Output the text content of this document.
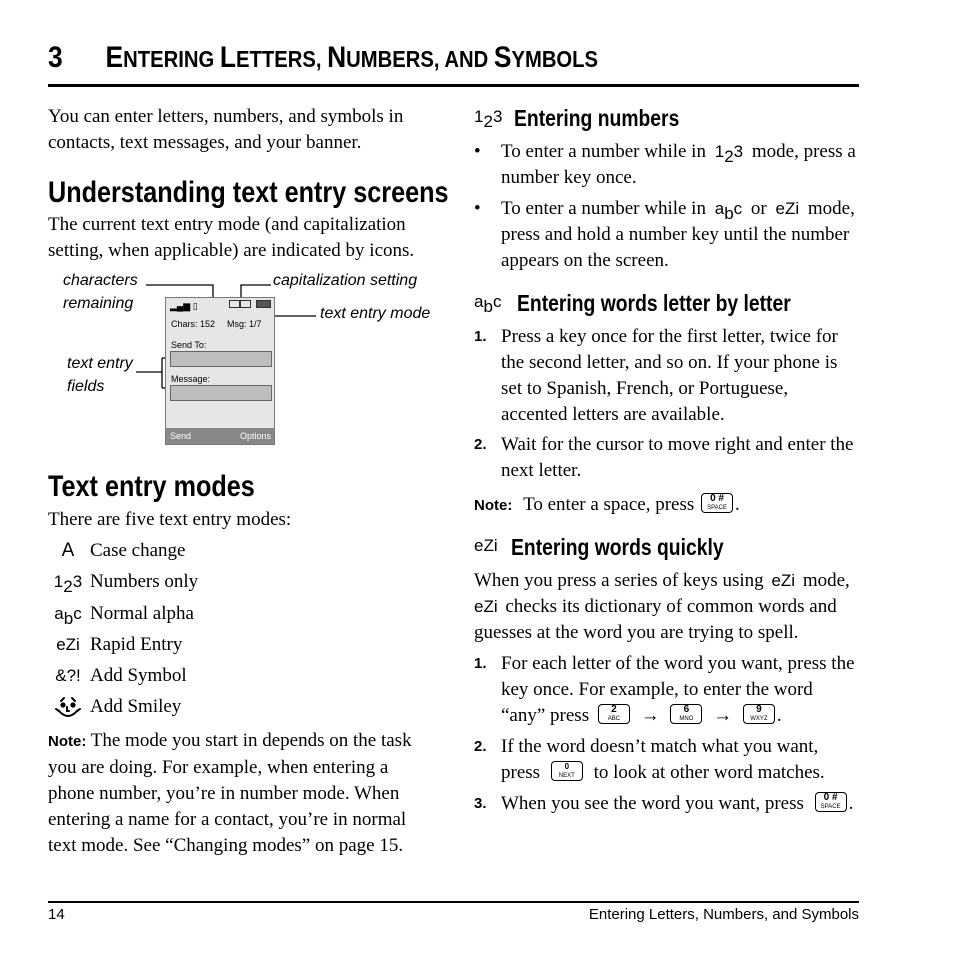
3 ENTERING LETTERS, NUMBERS, AND SYMBOLS
You can enter letters, numbers, and symbols in contacts, text messages, and your banner.
Understanding text entry screens
The current text entry mode (and capitalization setting, when applicable) are indicated by icons.
characters
remaining
capitalization setting
text entry mode
text entry
fields
▂▄▆ ▯
Chars: 152 Msg: 1/7
Send To:
Message:
Send	Options
Text entry modes
There are five text entry modes:
A Case change
$1_23$ Numbers only
$a_bc$ Normal alpha
eZi Rapid Entry
&?! Add Symbol
Add Smiley
Note: The mode you start in depends on the task you are doing. For example, when entering a phone number, you’re in number mode. When entering a name for a contact, you’re in normal text mode. See “Changing modes” on page 15.
$1_23$ Entering numbers
• To enter a number while in $1_23$ mode, press a number key once.
• To enter a number while in $a_bc$ or eZi mode, press and hold a number key until the number appears on the screen.
$a_bc$ Entering words letter by letter
1. Press a key once for the first letter, twice for the second letter, and so on. If your phone is set to Spanish, French, or Portuguese, accented letters are available.
2. Wait for the cursor to move right and enter the next letter.
Note: To enter a space, press	0 #
SPACE .
eZi Entering words quickly
When you press a series of keys using eZi mode, eZi checks its dictionary of common words and guesses at the word you are trying to spell.
1. For each letter of the word you want, press the key once. For example, to enter the word “any” press	2
ABC	→	6
MNO	→	9
WXYZ .
2. If the word doesn’t match what you want,
press	0
NEXT to look at other word matches.
3. When you see the word you want, press	0 #
SPACE .
14	Entering Letters, Numbers, and Symbols
